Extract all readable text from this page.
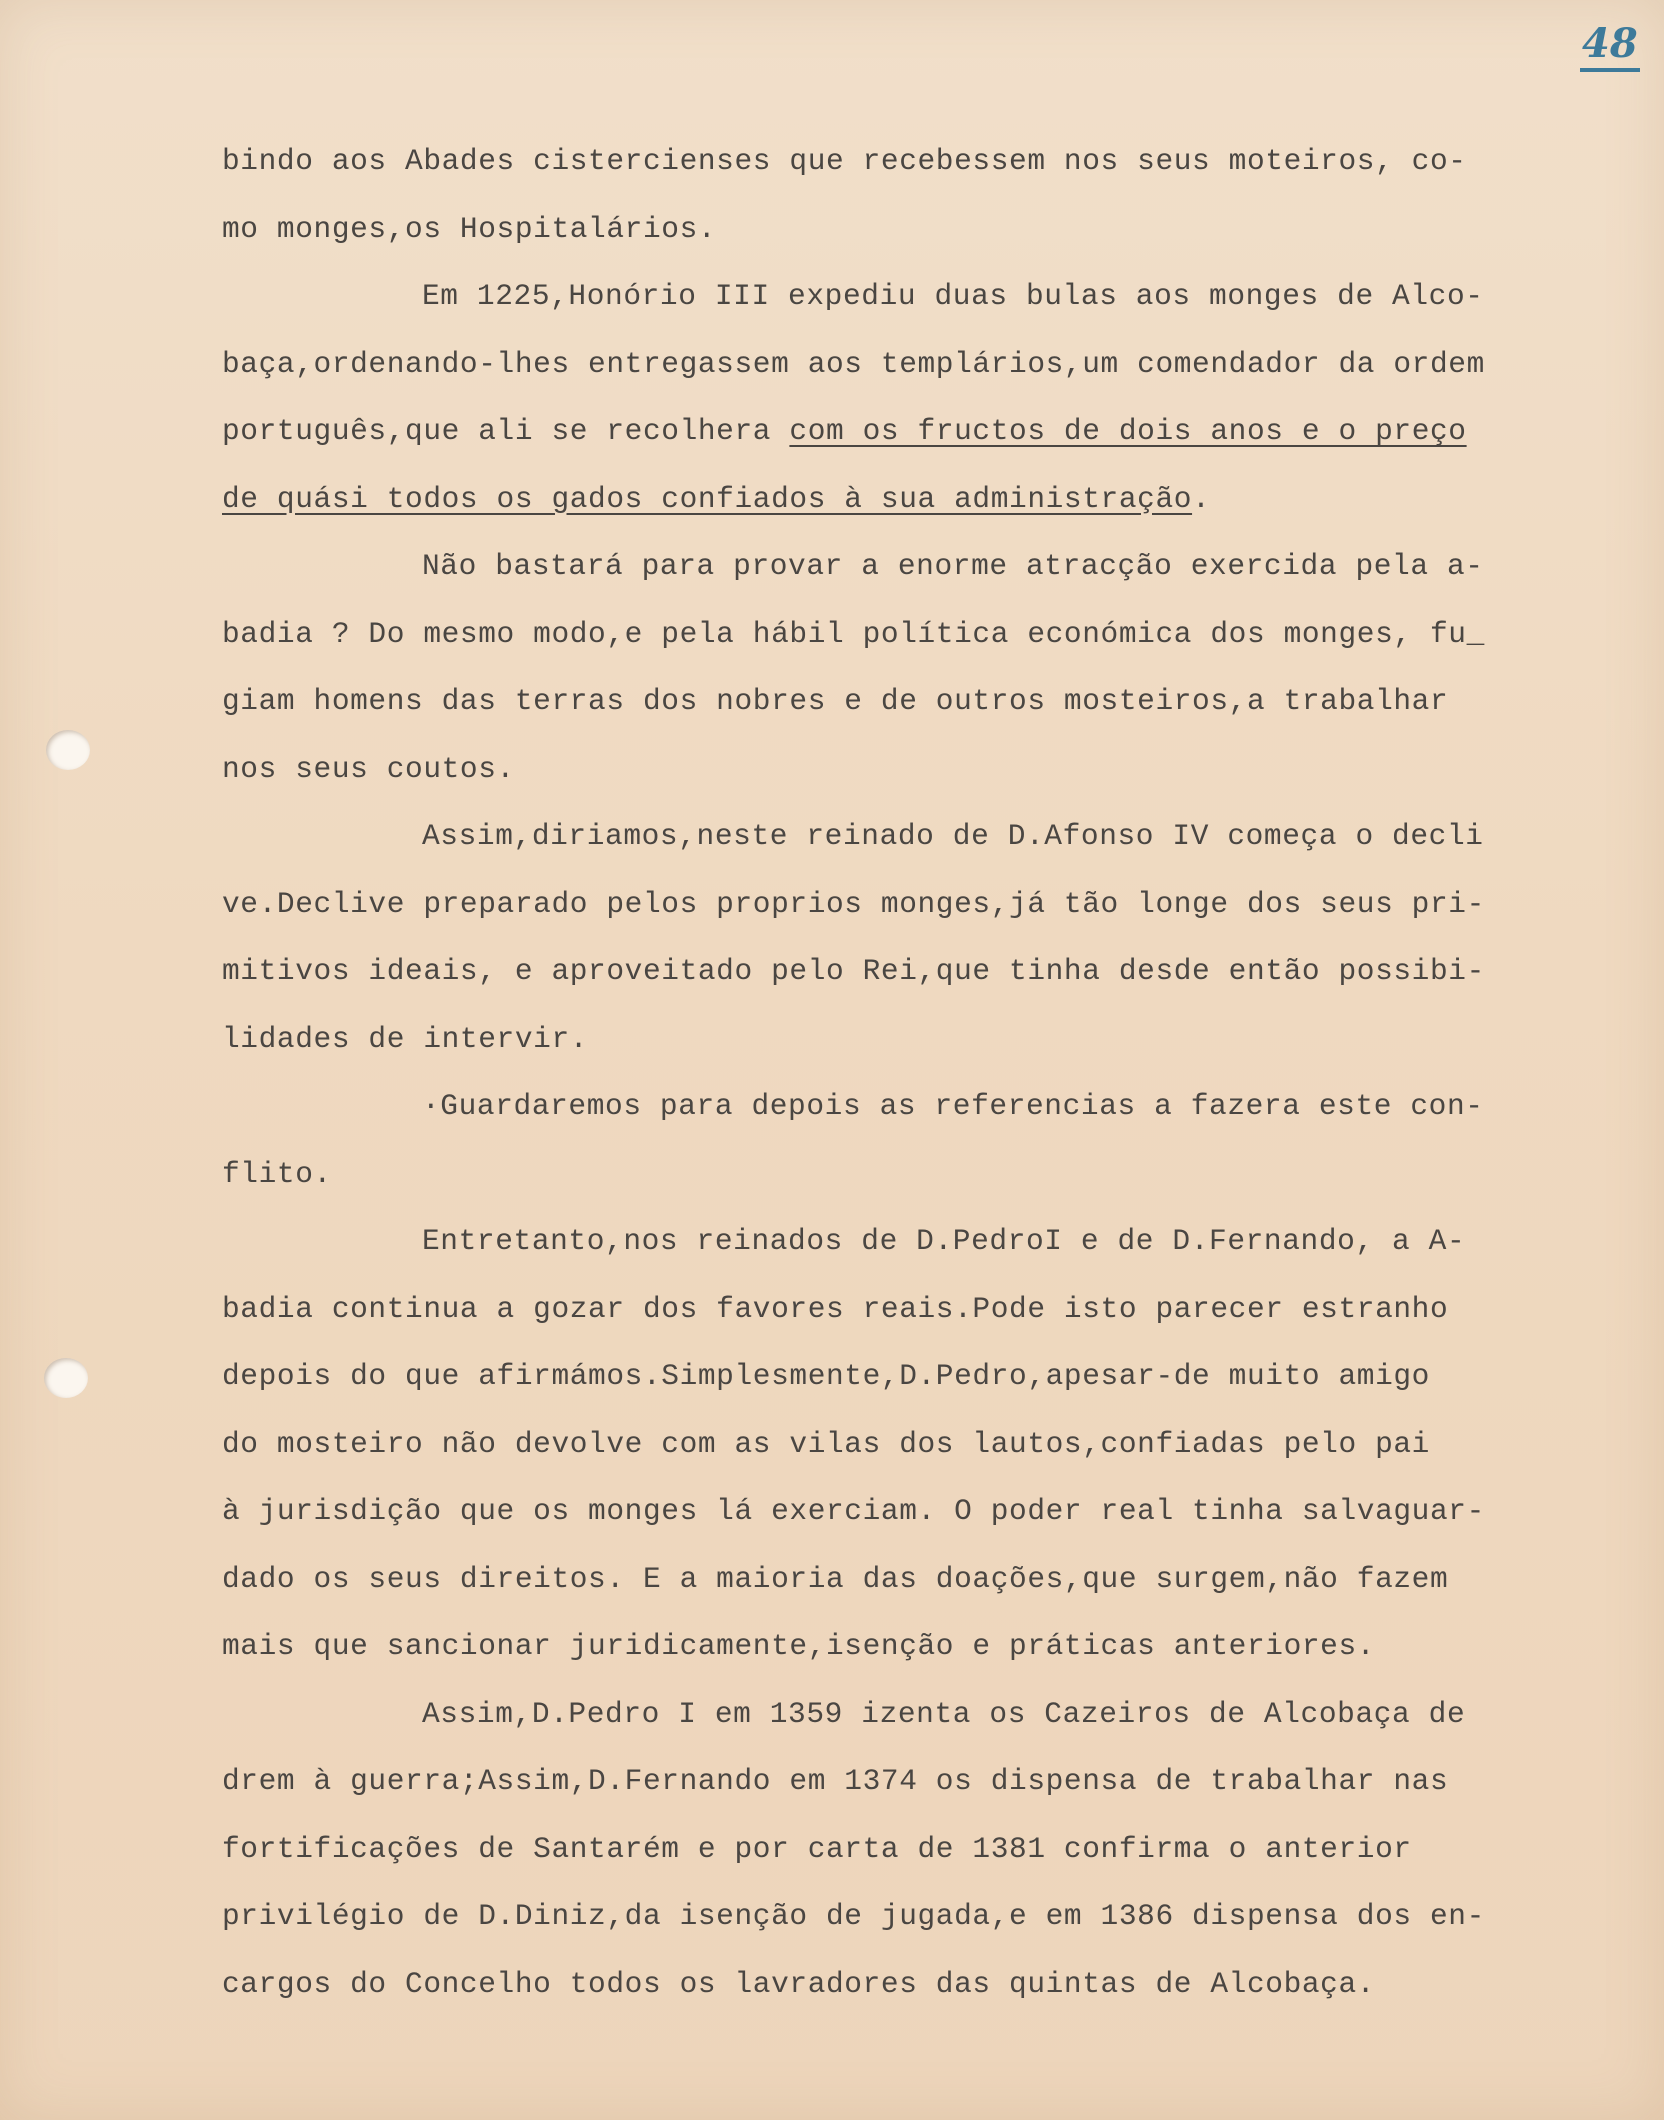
48
bindo aos Abades cistercienses que recebessem nos seus moteiros, co-
mo monges,os Hospitalários.
Em 1225,Honório III expediu duas bulas aos monges de Alco-
baça,ordenando-lhes entregassem aos templários,um comendador da ordem
português,que ali se recolhera com os fructos de dois anos e o preço
de quási todos os gados confiados à sua administração.
Não bastará para provar a enorme atracção exercida pela a-
badia ? Do mesmo modo,e pela hábil política económica dos monges, fu_
giam homens das terras dos nobres e de outros mosteiros,a trabalhar
nos seus coutos.
Assim,diriamos,neste reinado de D.Afonso IV começa o decli
ve.Declive preparado pelos proprios monges,já tão longe dos seus pri-
mitivos ideais, e aproveitado pelo Rei,que tinha desde então possibi-
lidades de intervir.
·Guardaremos para depois as referencias a fazera este con-
flito.
Entretanto,nos reinados de D.PedroI e de D.Fernando, a A-
badia continua a gozar dos favores reais.Pode isto parecer estranho
depois do que afirmámos.Simplesmente,D.Pedro,apesar-de muito amigo
do mosteiro não devolve com as vilas dos lautos,confiadas pelo pai
à jurisdição que os monges lá exerciam. O poder real tinha salvaguar-
dado os seus direitos. E a maioria das doações,que surgem,não fazem
mais que sancionar juridicamente,isenção e práticas anteriores.
Assim,D.Pedro I em 1359 izenta os Cazeiros de Alcobaça de
drem à guerra;Assim,D.Fernando em 1374 os dispensa de trabalhar nas
fortificações de Santarém e por carta de 1381 confirma o anterior
privilégio de D.Diniz,da isenção de jugada,e em 1386 dispensa dos en-
cargos do Concelho todos os lavradores das quintas de Alcobaça.
